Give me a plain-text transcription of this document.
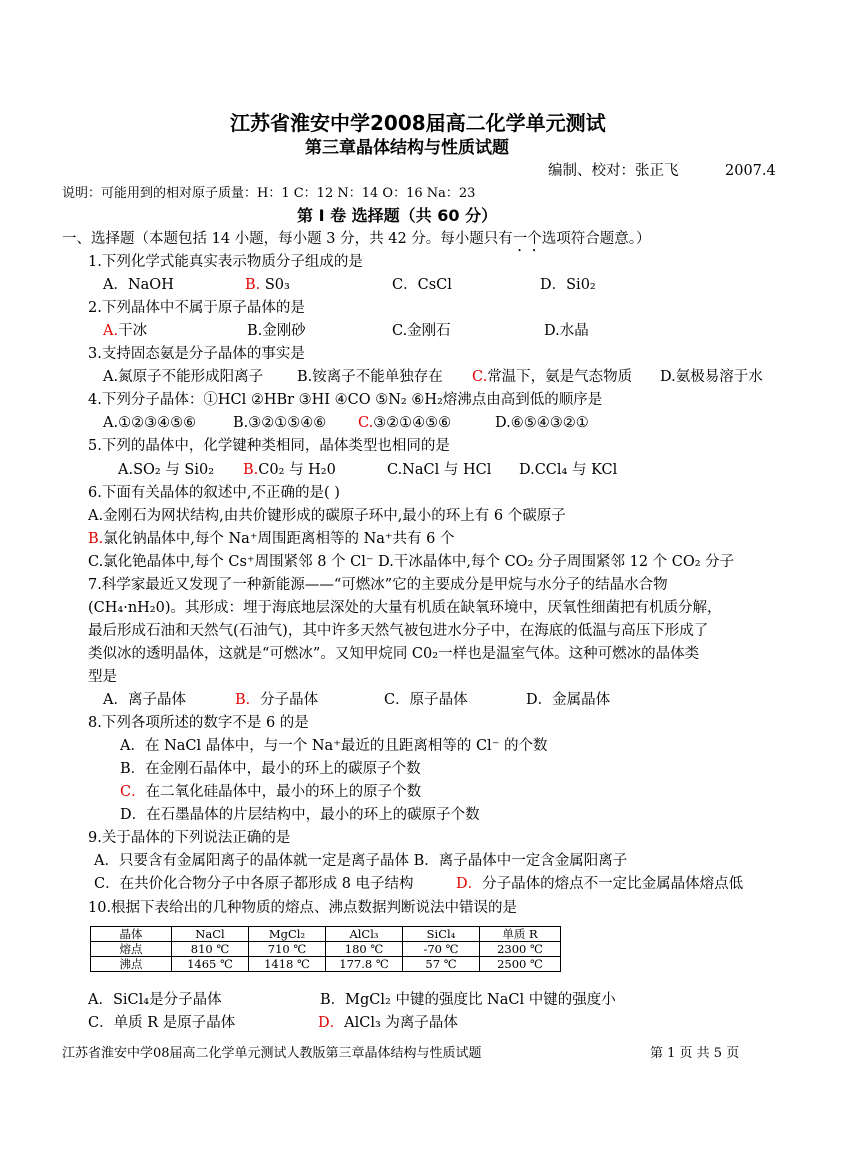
江苏省淮安中学2008届高二化学单元测试
第三章晶体结构与性质试题
编制、校对：张正飞	2007.4
说明：可能用到的相对原子质量：H：1 C：12 N：14 O：16 Na：23
第 I 卷 选择题（共 60 分）
一、选择题（本题包括 14 小题，每小题 3 分，共 42 分。每小题只有一个选项符合题意。）
1.下列化学式能真实表示物质分子组成的是
A．NaOH	B. S0₃	C．CsCl	D．Si0₂
2.下列晶体中不属于原子晶体的是
A.干冰	B.金刚砂	C.金刚石	D.水晶
3.支持固态氨是分子晶体的事实是
A.氮原子不能形成阳离子 B.铵离子不能单独存在 C.常温下，氨是气态物质 D.氨极易溶于水
4.下列分子晶体：①HCl ②HBr ③HI ④CO ⑤N₂ ⑥H₂熔沸点由高到低的顺序是
A.①②③④⑤⑥	B.③②①⑤④⑥ C.③②①④⑤⑥	D.⑥⑤④③②①
5.下列的晶体中，化学键种类相同，晶体类型也相同的是
A.SO₂ 与 Si0₂ B.C0₂ 与 H₂0	C.NaCl 与 HCl D.CCl₄ 与 KCl
6.下面有关晶体的叙述中,不正确的是( )
A.金刚石为网状结构,由共价键形成的碳原子环中,最小的环上有 6 个碳原子
B.氯化钠晶体中,每个 Na⁺周围距离相等的 Na⁺共有 6 个
C.氯化铯晶体中,每个 Cs⁺周围紧邻 8 个 Cl⁻ D.干冰晶体中,每个 CO₂ 分子周围紧邻 12 个 CO₂ 分子
7.科学家最近又发现了一种新能源——“可燃冰”它的主要成分是甲烷与水分子的结晶水合物
(CH₄·nH₂0)。其形成：埋于海底地层深处的大量有机质在缺氧环境中，厌氧性细菌把有机质分解，
最后形成石油和天然气(石油气)，其中许多天然气被包进水分子中，在海底的低温与高压下形成了
类似冰的透明晶体，这就是“可燃冰”。又知甲烷同 C0₂一样也是温室气体。这种可燃冰的晶体类
型是
A．离子晶体	B．分子晶体	C．原子晶体	D．金属晶体
8.下列各项所述的数字不是 6 的是
A．在 NaCl 晶体中，与一个 Na⁺最近的且距离相等的 Cl⁻ 的个数
B．在金刚石晶体中，最小的环上的碳原子个数
C．在二氧化硅晶体中，最小的环上的原子个数
D．在石墨晶体的片层结构中，最小的环上的碳原子个数
9.关于晶体的下列说法正确的是
A．只要含有金属阳离子的晶体就一定是离子晶体 B．离子晶体中一定含金属阳离子
C．在共价化合物分子中各原子都形成 8 电子结构	D．分子晶体的熔点不一定比金属晶体熔点低
10.根据下表给出的几种物质的熔点、沸点数据判断说法中错误的是
晶体	NaCl	MgCl₂	AlCl₃	SiCl₄	单质 R
熔点	810 ℃	710 ℃	180 ℃	-70 ℃	2300 ℃
沸点	1465 ℃	1418 ℃	177.8 ℃	57 ℃	2500 ℃
A．SiCl₄是分子晶体	B．MgCl₂ 中键的强度比 NaCl 中键的强度小
C．单质 R 是原子晶体	D．AlCl₃ 为离子晶体
江苏省淮安中学08届高二化学单元测试人教版第三章晶体结构与性质试题	第 1 页 共 5 页
